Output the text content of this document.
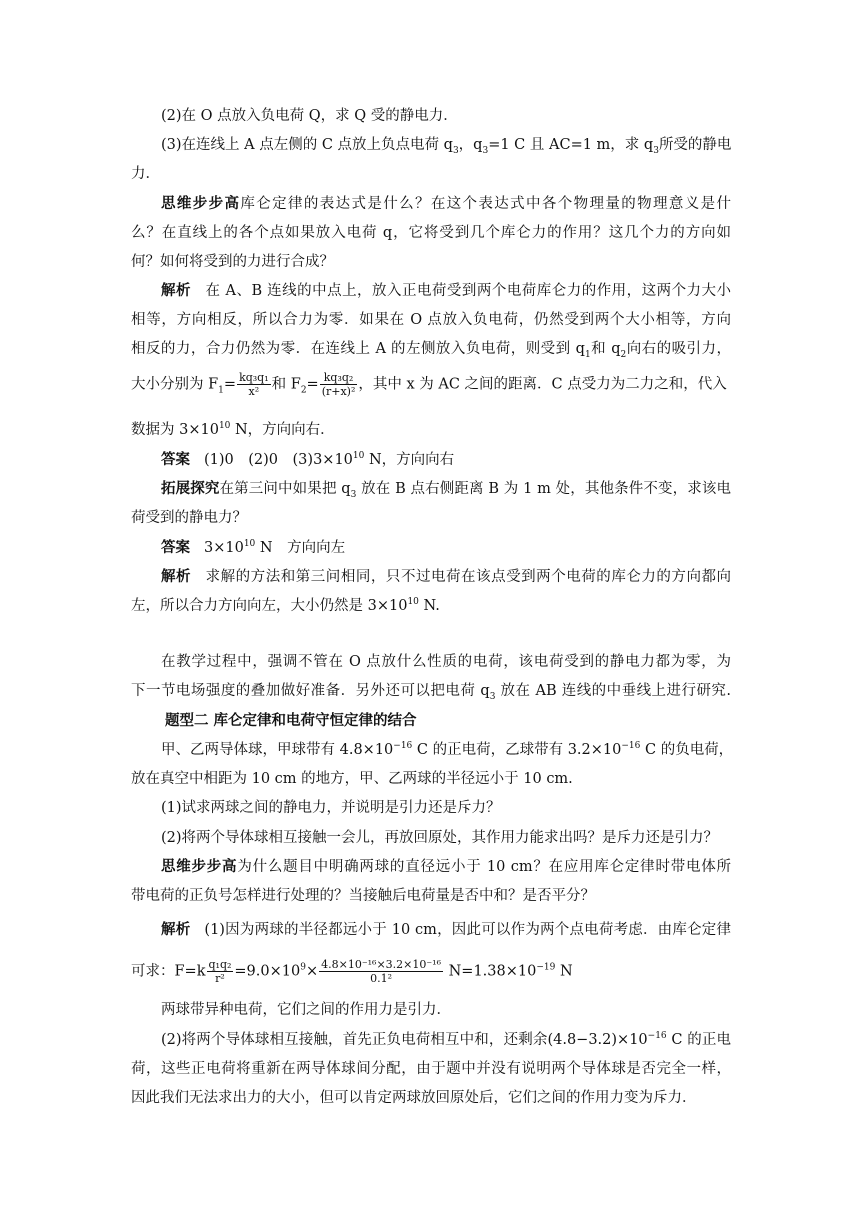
(2)在 O 点放入负电荷 Q，求 Q 受的静电力．
(3)在连线上 A 点左侧的 C 点放上负点电荷 $q_3$，$q_3=1$ C 且 AC=1 m，求 $q_3$所受的静电
力．
思维步步高库仑定律的表达式是什么？在这个表达式中各个物理量的物理意义是什
么？在直线上的各个点如果放入电荷 q，它将受到几个库仑力的作用？这几个力的方向如
何？如何将受到的力进行合成？
解析 在 A、B 连线的中点上，放入正电荷受到两个电荷库仑力的作用，这两个力大小
相等，方向相反，所以合力为零．如果在 O 点放入负电荷，仍然受到两个大小相等，方向
相反的力，合力仍然为零．在连线上 A 的左侧放入负电荷，则受到 $q_1$和 $q_2$向右的吸引力，
大小分别为 $F_1= \frac{\text{kq₃q₁}}{\text{x²}}$ 和 $F_2= \frac{\text{kq₃q₂}}{\text{(r+x)²}}$ ，其中 x 为 AC 之间的距离．C 点受力为二力之和，代入
数据为 $3\times 10^{10}$ N，方向向右．
答案 (1)0　(2)0　$(3)3\times 10^{10}$ N，方向向右
拓展探究在第三问中如果把 $q_3$ 放在 B 点右侧距离 B 为 1 m 处，其他条件不变，求该电
荷受到的静电力？
答案 $3\times 10^{10}$ N　方向向左
解析 求解的方法和第三问相同，只不过电荷在该点受到两个电荷的库仑力的方向都向
左，所以合力方向向左，大小仍然是 $3\times 10^{10}$ N.
在教学过程中，强调不管在 O 点放什么性质的电荷，该电荷受到的静电力都为零，为
下一节电场强度的叠加做好准备．另外还可以把电荷 $q_3$ 放在 AB 连线的中垂线上进行研究.
题型二 库仑定律和电荷守恒定律的结合
甲、乙两导体球，甲球带有 $4.8\times 10^{-16}$ C 的正电荷，乙球带有 $3.2\times 10^{-16}$ C 的负电荷，
放在真空中相距为 10 cm 的地方，甲、乙两球的半径远小于 10 cm.
(1)试求两球之间的静电力，并说明是引力还是斥力？
(2)将两个导体球相互接触一会儿，再放回原处，其作用力能求出吗？是斥力还是引力？
思维步步高为什么题目中明确两球的直径远小于 10 cm？在应用库仑定律时带电体所
带电荷的正负号怎样进行处理的？当接触后电荷量是否中和？是否平分？
解析 (1)因为两球的半径都远小于 10 cm，因此可以作为两个点电荷考虑．由库仑定律
可求：$F=k \frac{\text{q₁q₂}}{\text{r²}} =9.0\times 10^9\times \frac{\text{4.8×10⁻¹⁶×3.2×10⁻¹⁶}}{\text{0.1²}} N=1.38\times 10^{-19}$ N
两球带异种电荷，它们之间的作用力是引力．
(2)将两个导体球相互接触，首先正负电荷相互中和，还剩余$(4.8-3.2)\times 10^{-16}$ C 的正电
荷，这些正电荷将重新在两导体球间分配，由于题中并没有说明两个导体球是否完全一样，
因此我们无法求出力的大小，但可以肯定两球放回原处后，它们之间的作用力变为斥力．
